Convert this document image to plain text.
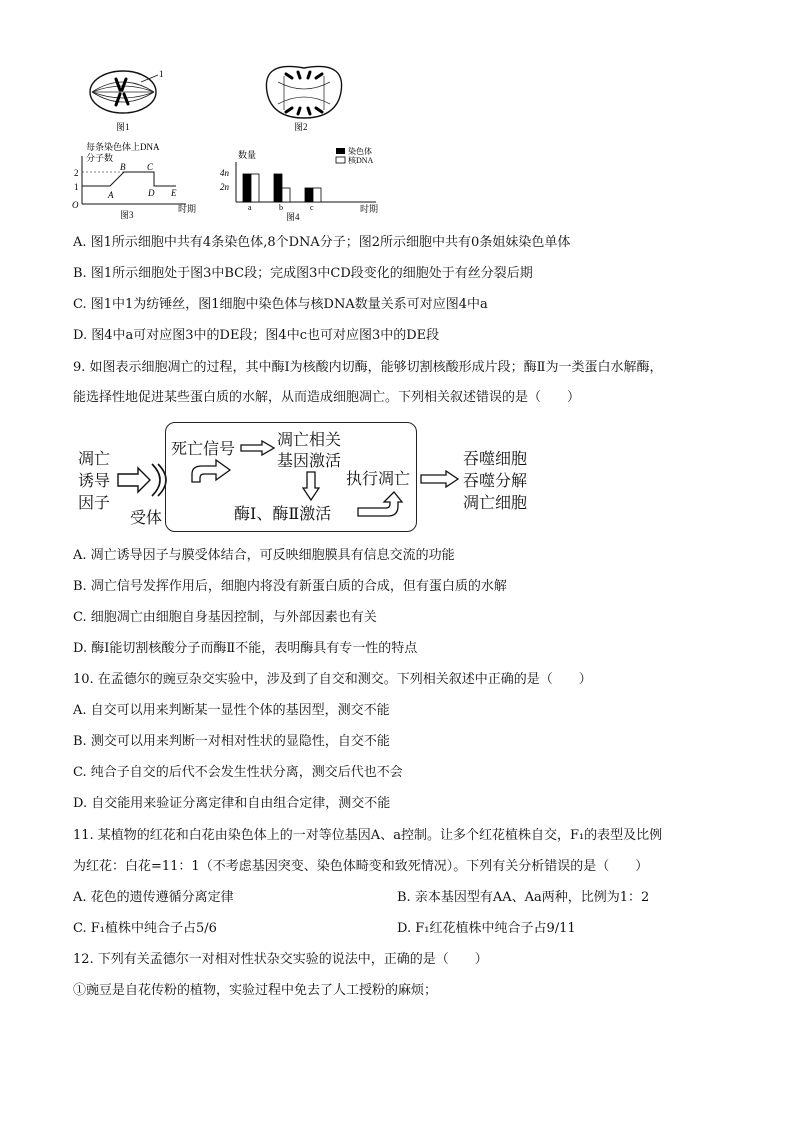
1
图1	图2
每条染色体上DNA
分子数
2
1
O
A
B C
D E
时期
图3
数量	染色体
核DNA
4n
2n
a	b	c	时期
图4
A. 图1所示细胞中共有4条染色体,8个DNA分子；图2所示细胞中共有0条姐妹染色单体
B. 图1所示细胞处于图3中BC段；完成图3中CD段变化的细胞处于有丝分裂后期
C. 图1中1为纺锤丝，图1细胞中染色体与核DNA数量关系可对应图4中a
D. 图4中a可对应图3中的DE段；图4中c也可对应图3中的DE段
9. 如图表示细胞凋亡的过程，其中酶Ⅰ为核酸内切酶，能够切割核酸形成片段；酶Ⅱ为一类蛋白水解酶，
能选择性地促进某些蛋白质的水解，从而造成细胞凋亡。下列相关叙述错误的是（　　）
凋亡
诱导
因子
受体
死亡信号	凋亡相关
基因激活
酶Ⅰ、酶Ⅱ激活
执行凋亡
吞噬细胞
吞噬分解
凋亡细胞
A. 凋亡诱导因子与膜受体结合，可反映细胞膜具有信息交流的功能
B. 凋亡信号发挥作用后，细胞内将没有新蛋白质的合成，但有蛋白质的水解
C. 细胞凋亡由细胞自身基因控制，与外部因素也有关
D. 酶Ⅰ能切割核酸分子而酶Ⅱ不能，表明酶具有专一性的特点
10. 在孟德尔的豌豆杂交实验中，涉及到了自交和测交。下列相关叙述中正确的是（　　）
A. 自交可以用来判断某一显性个体的基因型，测交不能
B. 测交可以用来判断一对相对性状的显隐性，自交不能
C. 纯合子自交的后代不会发生性状分离，测交后代也不会
D. 自交能用来验证分离定律和自由组合定律，测交不能
11. 某植物的红花和白花由染色体上的一对等位基因A、a控制。让多个红花植株自交，F₁的表型及比例
为红花：白花=11：1（不考虑基因突变、染色体畸变和致死情况）。下列有关分析错误的是（　　）
A. 花色的遗传遵循分离定律	B. 亲本基因型有AA、Aa两种，比例为1：2
C. F₁植株中纯合子占5/6	D. F₁红花植株中纯合子占9/11
12. 下列有关孟德尔一对相对性状杂交实验的说法中，正确的是（　　）
①豌豆是自花传粉的植物，实验过程中免去了人工授粉的麻烦；
